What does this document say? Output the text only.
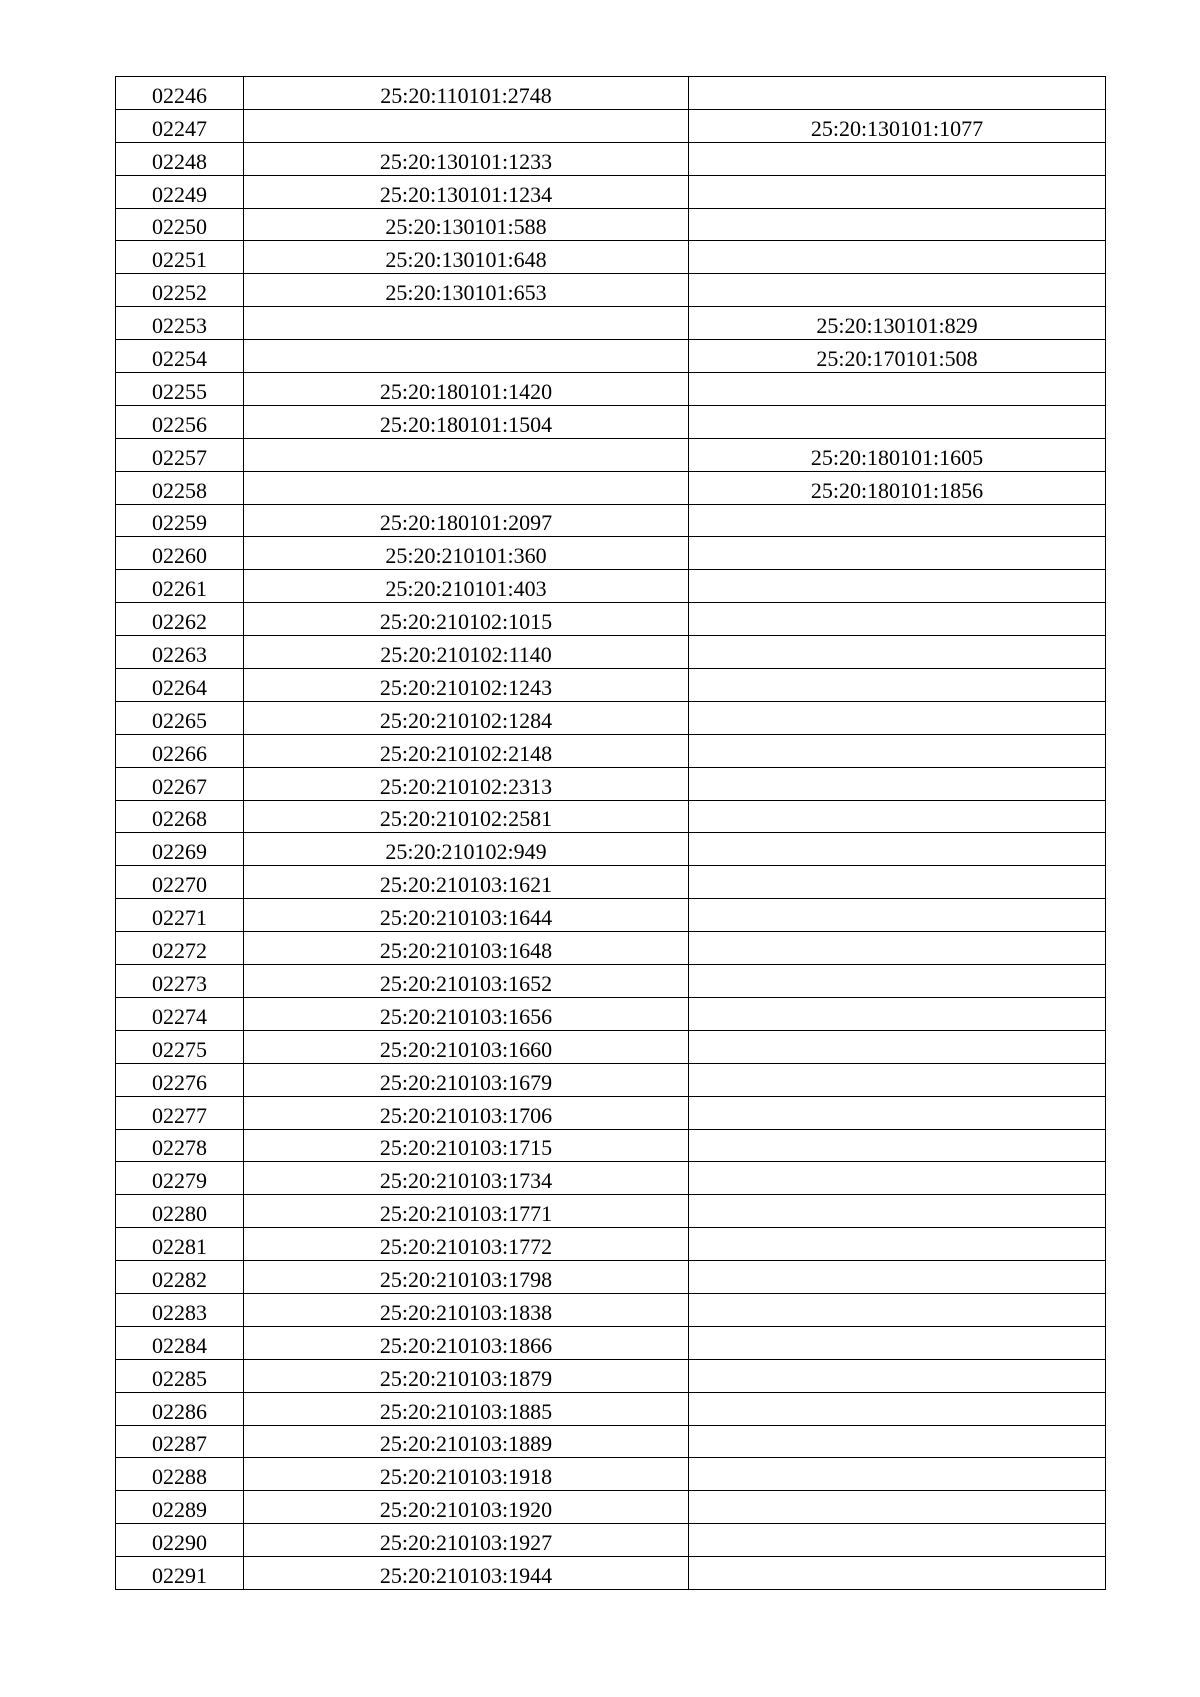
02246	25:20:110101:2748	
02247		25:20:130101:1077
02248	25:20:130101:1233	
02249	25:20:130101:1234	
02250	25:20:130101:588	
02251	25:20:130101:648	
02252	25:20:130101:653	
02253		25:20:130101:829
02254		25:20:170101:508
02255	25:20:180101:1420	
02256	25:20:180101:1504	
02257		25:20:180101:1605
02258		25:20:180101:1856
02259	25:20:180101:2097	
02260	25:20:210101:360	
02261	25:20:210101:403	
02262	25:20:210102:1015	
02263	25:20:210102:1140	
02264	25:20:210102:1243	
02265	25:20:210102:1284	
02266	25:20:210102:2148	
02267	25:20:210102:2313	
02268	25:20:210102:2581	
02269	25:20:210102:949	
02270	25:20:210103:1621	
02271	25:20:210103:1644	
02272	25:20:210103:1648	
02273	25:20:210103:1652	
02274	25:20:210103:1656	
02275	25:20:210103:1660	
02276	25:20:210103:1679	
02277	25:20:210103:1706	
02278	25:20:210103:1715	
02279	25:20:210103:1734	
02280	25:20:210103:1771	
02281	25:20:210103:1772	
02282	25:20:210103:1798	
02283	25:20:210103:1838	
02284	25:20:210103:1866	
02285	25:20:210103:1879	
02286	25:20:210103:1885	
02287	25:20:210103:1889	
02288	25:20:210103:1918	
02289	25:20:210103:1920	
02290	25:20:210103:1927	
02291	25:20:210103:1944	
